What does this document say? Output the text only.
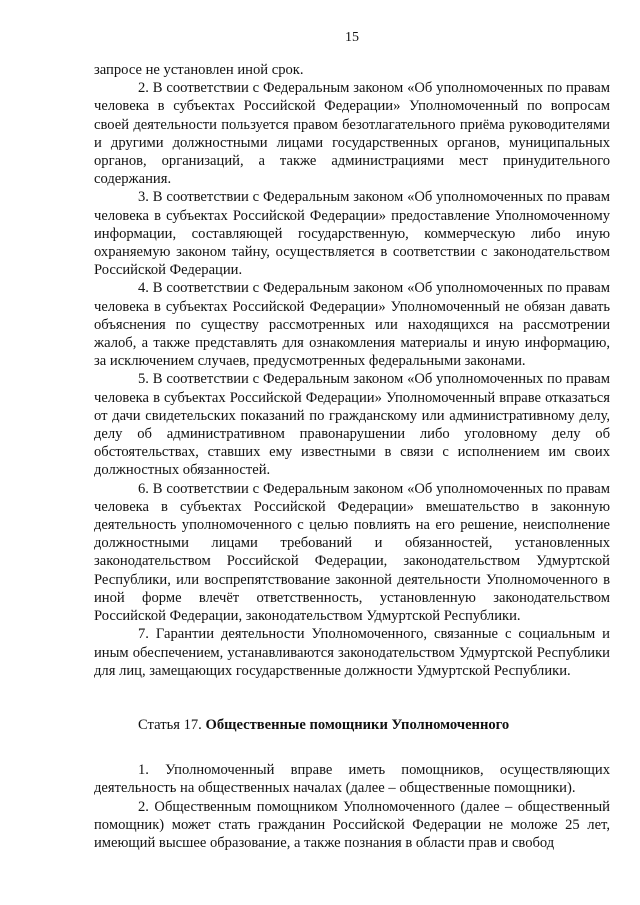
15

запросе не установлен иной срок.

2. В соответствии с Федеральным законом «Об уполномоченных по правам человека в субъектах Российской Федерации» Уполномоченный по вопросам своей деятельности пользуется правом безотлагательного приёма руководителями и другими должностными лицами государственных органов, муниципальных органов, организаций, а также администрациями мест принудительного содержания.

3. В соответствии с Федеральным законом «Об уполномоченных по правам человека в субъектах Российской Федерации» предоставление Уполномоченному информации, составляющей государственную, коммерческую либо иную охраняемую законом тайну, осуществляется в соответствии с законодательством Российской Федерации.

4. В соответствии с Федеральным законом «Об уполномоченных по правам человека в субъектах Российской Федерации» Уполномоченный не обязан давать объяснения по существу рассмотренных или находящихся на рассмотрении жалоб, а также представлять для ознакомления материалы и иную информацию, за исключением случаев, предусмотренных федеральными законами.

5. В соответствии с Федеральным законом «Об уполномоченных по правам человека в субъектах Российской Федерации» Уполномоченный вправе отказаться от дачи свидетельских показаний по гражданскому или административному делу, делу об административном правонарушении либо уголовному делу об обстоятельствах, ставших ему известными в связи с исполнением им своих должностных обязанностей.

6. В соответствии с Федеральным законом «Об уполномоченных по правам человека в субъектах Российской Федерации» вмешательство в законную деятельность уполномоченного с целью повлиять на его решение, неисполнение должностными лицами требований и обязанностей, установленных законодательством Российской Федерации, законодательством Удмуртской Республики, или воспрепятствование законной деятельности Уполномоченного в иной форме влечёт ответственность, установленную законодательством Российской Федерации, законодательством Удмуртской Республики.

7. Гарантии деятельности Уполномоченного, связанные с социальным и иным обеспечением, устанавливаются законодательством Удмуртской Республики для лиц, замещающих государственные должности Удмуртской Республики.

Статья 17. Общественные помощники Уполномоченного

1. Уполномоченный вправе иметь помощников, осуществляющих деятельность на общественных началах (далее – общественные помощники).

2. Общественным помощником Уполномоченного (далее – общественный помощник) может стать гражданин Российской Федерации не моложе 25 лет, имеющий высшее образование, а также познания в области прав и свобод
